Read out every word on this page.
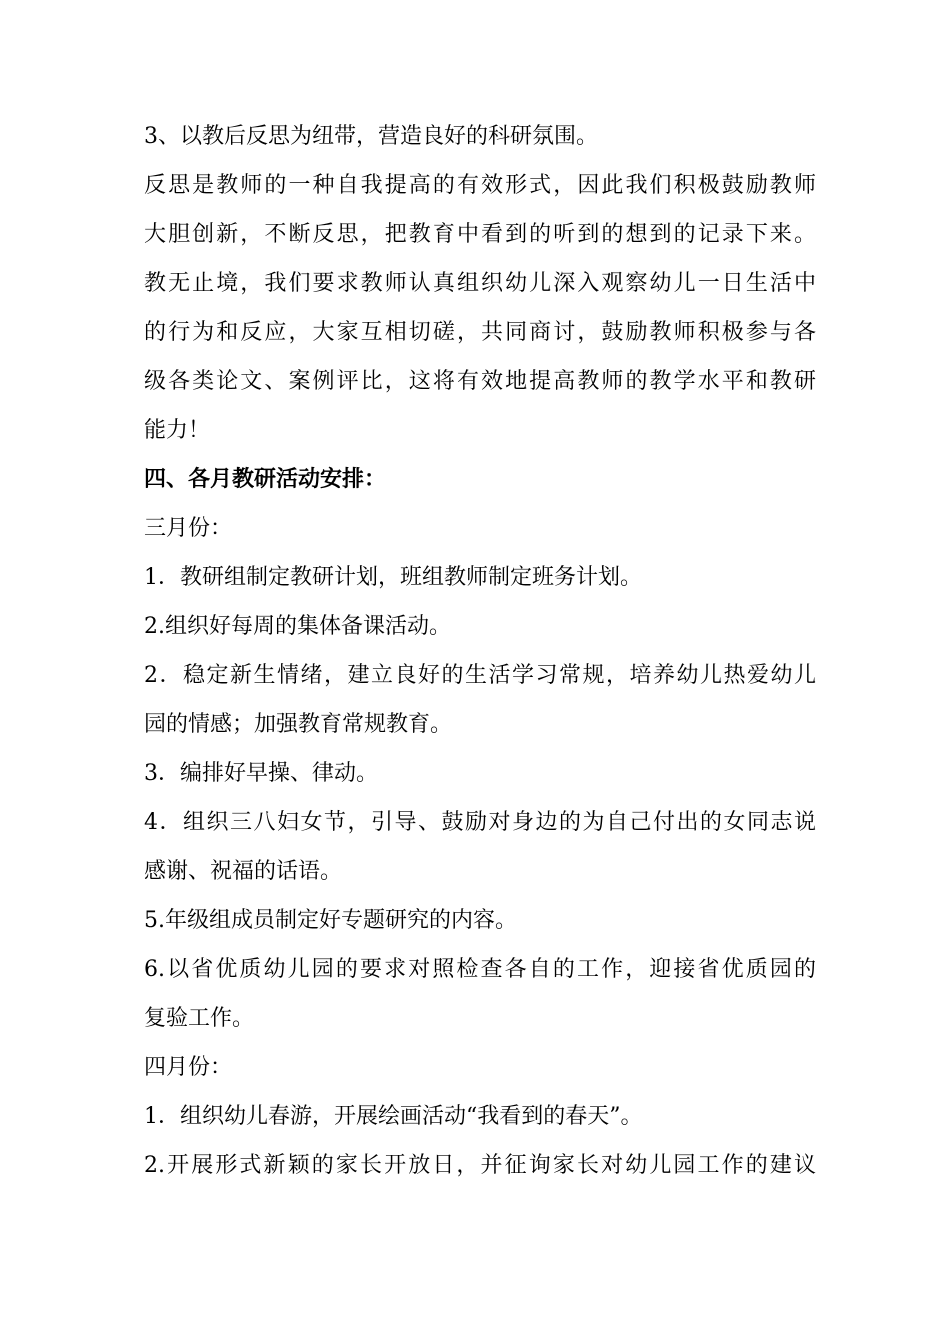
3、以教后反思为纽带，营造良好的科研氛围。

反思是教师的一种自我提高的有效形式，因此我们积极鼓励教师

大胆创新，不断反思，把教育中看到的听到的想到的记录下来。

教无止境，我们要求教师认真组织幼儿深入观察幼儿一日生活中

的行为和反应，大家互相切磋，共同商讨，鼓励教师积极参与各

级各类论文、案例评比，这将有效地提高教师的教学水平和教研

能力！

四、各月教研活动安排：

三月份：

1．教研组制定教研计划，班组教师制定班务计划。

2.组织好每周的集体备课活动。

2．稳定新生情绪，建立良好的生活学习常规，培养幼儿热爱幼儿

园的情感；加强教育常规教育。

3．编排好早操、律动。

4．组织三八妇女节，引导、鼓励对身边的为自己付出的女同志说

感谢、祝福的话语。

5.年级组成员制定好专题研究的内容。

6.以省优质幼儿园的要求对照检查各自的工作，迎接省优质园的

复验工作。

四月份：

1．组织幼儿春游，开展绘画活动“我看到的春天”。

2.开展形式新颖的家长开放日，并征询家长对幼儿园工作的建议
